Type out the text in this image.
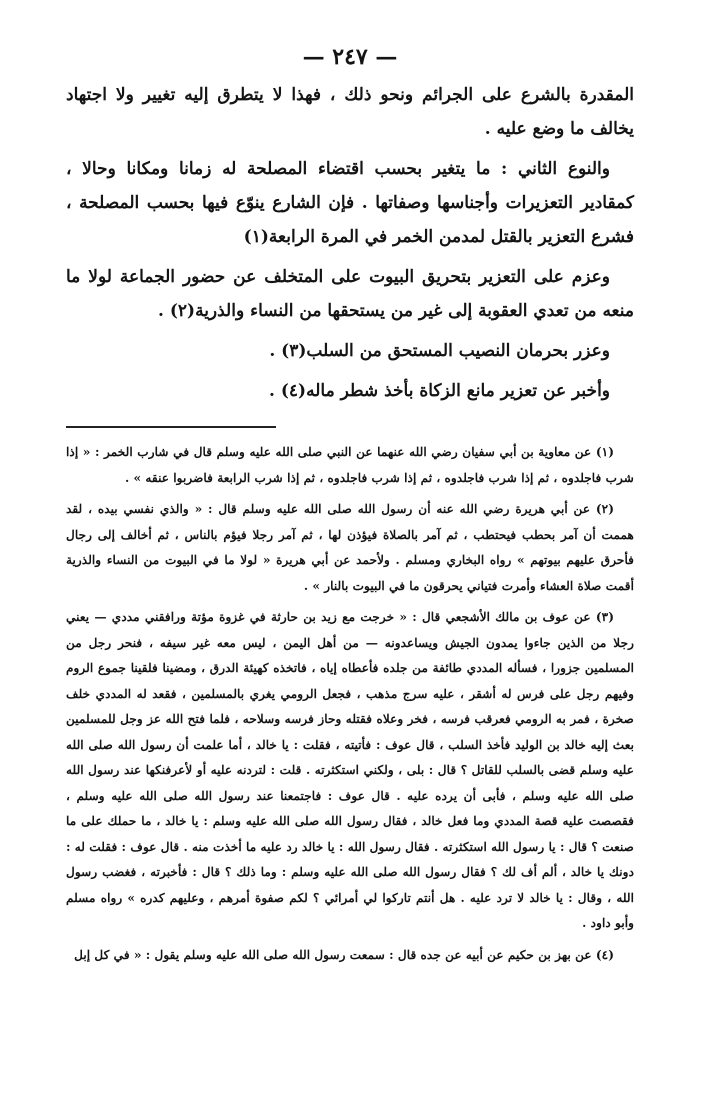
— ٢٤٧ —

المقدرة بالشرع على الجرائم ونحو ذلك ، فهذا لا يتطرق إليه تغيير ولا اجتهاد يخالف ما وضع عليه .

والنوع الثاني : ما يتغير بحسب اقتضاء المصلحة له زمانا ومكانا وحالا ، كمقادير التعزيرات وأجناسها وصفاتها . فإن الشارع ينوّع فيها بحسب المصلحة ، فشرع التعزير بالقتل لمدمن الخمر في المرة الرابعة(١)

وعزم على التعزير بتحريق البيوت على المتخلف عن حضور الجماعة لولا ما منعه من تعدي العقوبة إلى غير من يستحقها من النساء والذرية(٢) .

وعزر بحرمان النصيب المستحق من السلب(٣) .

وأخبر عن تعزير مانع الزكاة بأخذ شطر ماله(٤) .

(١) عن معاوية بن أبي سفيان رضي الله عنهما عن النبي صلى الله عليه وسلم قال في شارب الخمر : « إذا شرب فاجلدوه ، ثم إذا شرب فاجلدوه ، ثم إذا شرب فاجلدوه ، ثم إذا شرب الرابعة فاضربوا عنقه » .

(٢) عن أبي هريرة رضي الله عنه أن رسول الله صلى الله عليه وسلم قال : « والذي نفسي بيده ، لقد هممت أن آمر بحطب فيحتطب ، ثم آمر بالصلاة فيؤذن لها ، ثم آمر رجلا فيؤم بالناس ، ثم أخالف إلى رجال فأحرق عليهم بيوتهم » رواه البخاري ومسلم . ولأحمد عن أبي هريرة « لولا ما في البيوت من النساء والذرية أقمت صلاة العشاء وأمرت فتياني يحرقون ما في البيوت بالنار » .

(٣) عن عوف بن مالك الأشجعي قال : « خرجت مع زيد بن حارثة في غزوة مؤتة ورافقني مددي — يعني رجلا من الذين جاءوا يمدون الجيش ويساعدونه — من أهل اليمن ، ليس معه غير سيفه ، فنحر رجل من المسلمين جزورا ، فسأله المددي طائفة من جلده فأعطاه إياه ، فاتخذه كهيئة الدرق ، ومضينا فلقينا جموع الروم وفيهم رجل على فرس له أشقر ، عليه سرج مذهب ، فجعل الرومي يغري بالمسلمين ، فقعد له المددي خلف صخرة ، فمر به الرومي فعرقب فرسه ، فخر وعلاه فقتله وحاز فرسه وسلاحه ، فلما فتح الله عز وجل للمسلمين بعث إليه خالد بن الوليد فأخذ السلب ، قال عوف : فأتيته ، فقلت : يا خالد ، أما علمت أن رسول الله صلى الله عليه وسلم قضى بالسلب للقاتل ؟ قال : بلى ، ولكني استكثرته . قلت : لتردنه عليه أو لأعرفنكها عند رسول الله صلى الله عليه وسلم ، فأبى أن يرده عليه . قال عوف : فاجتمعنا عند رسول الله صلى الله عليه وسلم ، فقصصت عليه قصة المددي وما فعل خالد ، فقال رسول الله صلى الله عليه وسلم : يا خالد ، ما حملك على ما صنعت ؟ قال : يا رسول الله استكثرته . فقال رسول الله : يا خالد رد عليه ما أخذت منه . قال عوف : فقلت له : دونك يا خالد ، ألم أف لك ؟ فقال رسول الله صلى الله عليه وسلم : وما ذلك ؟ قال : فأخبرته ، فغضب رسول الله ، وقال : يا خالد لا ترد عليه . هل أنتم تاركوا لي أمرائي ؟ لكم صفوة أمرهم ، وعليهم كدره » رواه مسلم وأبو داود .

(٤) عن بهز بن حكيم عن أبيه عن جده قال : سمعت رسول الله صلى الله عليه وسلم يقول : « في كل إبل
